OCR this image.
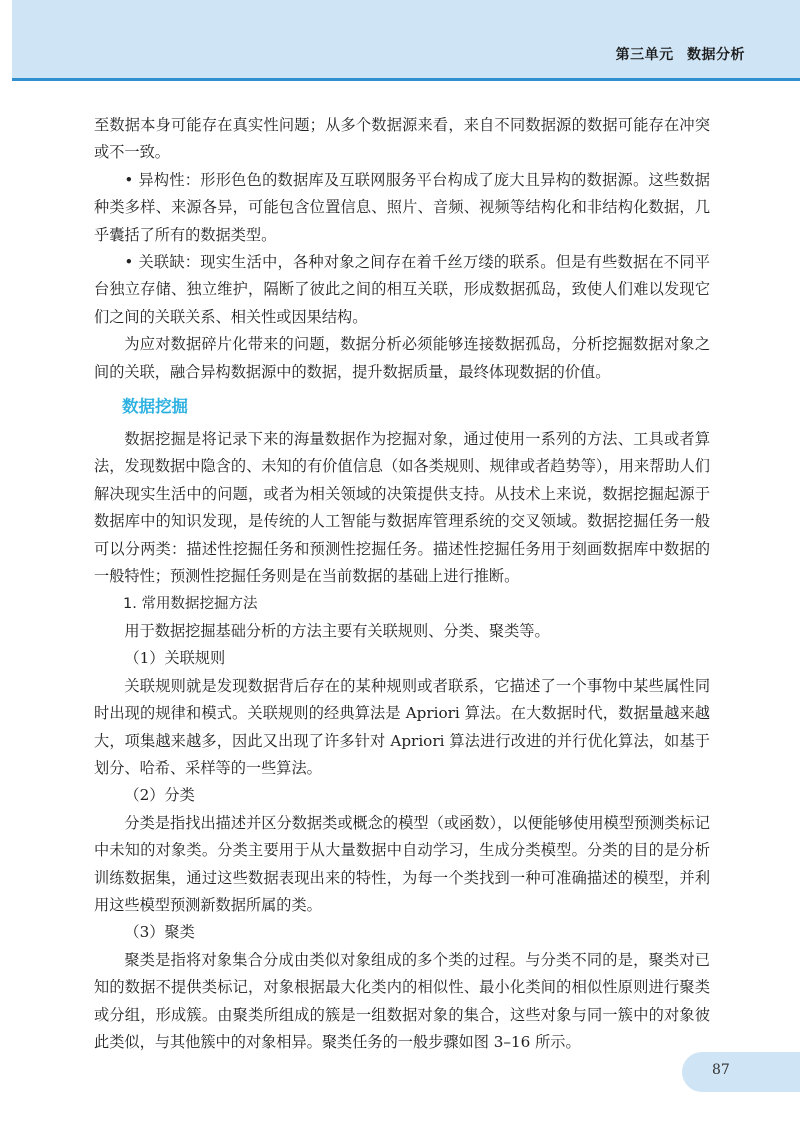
第三单元 数据分析

至数据本身可能存在真实性问题；从多个数据源来看，来自不同数据源的数据可能存在冲突或不一致。

• 异构性：形形色色的数据库及互联网服务平台构成了庞大且异构的数据源。这些数据种类多样、来源各异，可能包含位置信息、照片、音频、视频等结构化和非结构化数据，几乎囊括了所有的数据类型。

• 关联缺：现实生活中，各种对象之间存在着千丝万缕的联系。但是有些数据在不同平台独立存储、独立维护，隔断了彼此之间的相互关联，形成数据孤岛，致使人们难以发现它们之间的关联关系、相关性或因果结构。

为应对数据碎片化带来的问题，数据分析必须能够连接数据孤岛，分析挖掘数据对象之间的关联，融合异构数据源中的数据，提升数据质量，最终体现数据的价值。

数据挖掘

数据挖掘是将记录下来的海量数据作为挖掘对象，通过使用一系列的方法、工具或者算法，发现数据中隐含的、未知的有价值信息（如各类规则、规律或者趋势等），用来帮助人们解决现实生活中的问题，或者为相关领域的决策提供支持。从技术上来说，数据挖掘起源于数据库中的知识发现，是传统的人工智能与数据库管理系统的交叉领域。数据挖掘任务一般可以分两类：描述性挖掘任务和预测性挖掘任务。描述性挖掘任务用于刻画数据库中数据的一般特性；预测性挖掘任务则是在当前数据的基础上进行推断。

1. 常用数据挖掘方法

用于数据挖掘基础分析的方法主要有关联规则、分类、聚类等。

（1）关联规则

关联规则就是发现数据背后存在的某种规则或者联系，它描述了一个事物中某些属性同时出现的规律和模式。关联规则的经典算法是 Apriori 算法。在大数据时代，数据量越来越大，项集越来越多，因此又出现了许多针对 Apriori 算法进行改进的并行优化算法，如基于划分、哈希、采样等的一些算法。

（2）分类

分类是指找出描述并区分数据类或概念的模型（或函数），以便能够使用模型预测类标记中未知的对象类。分类主要用于从大量数据中自动学习，生成分类模型。分类的目的是分析训练数据集，通过这些数据表现出来的特性，为每一个类找到一种可准确描述的模型，并利用这些模型预测新数据所属的类。

（3）聚类

聚类是指将对象集合分成由类似对象组成的多个类的过程。与分类不同的是，聚类对已知的数据不提供类标记，对象根据最大化类内的相似性、最小化类间的相似性原则进行聚类或分组，形成簇。由聚类所组成的簇是一组数据对象的集合，这些对象与同一簇中的对象彼此类似，与其他簇中的对象相异。聚类任务的一般步骤如图 3–16 所示。

87
